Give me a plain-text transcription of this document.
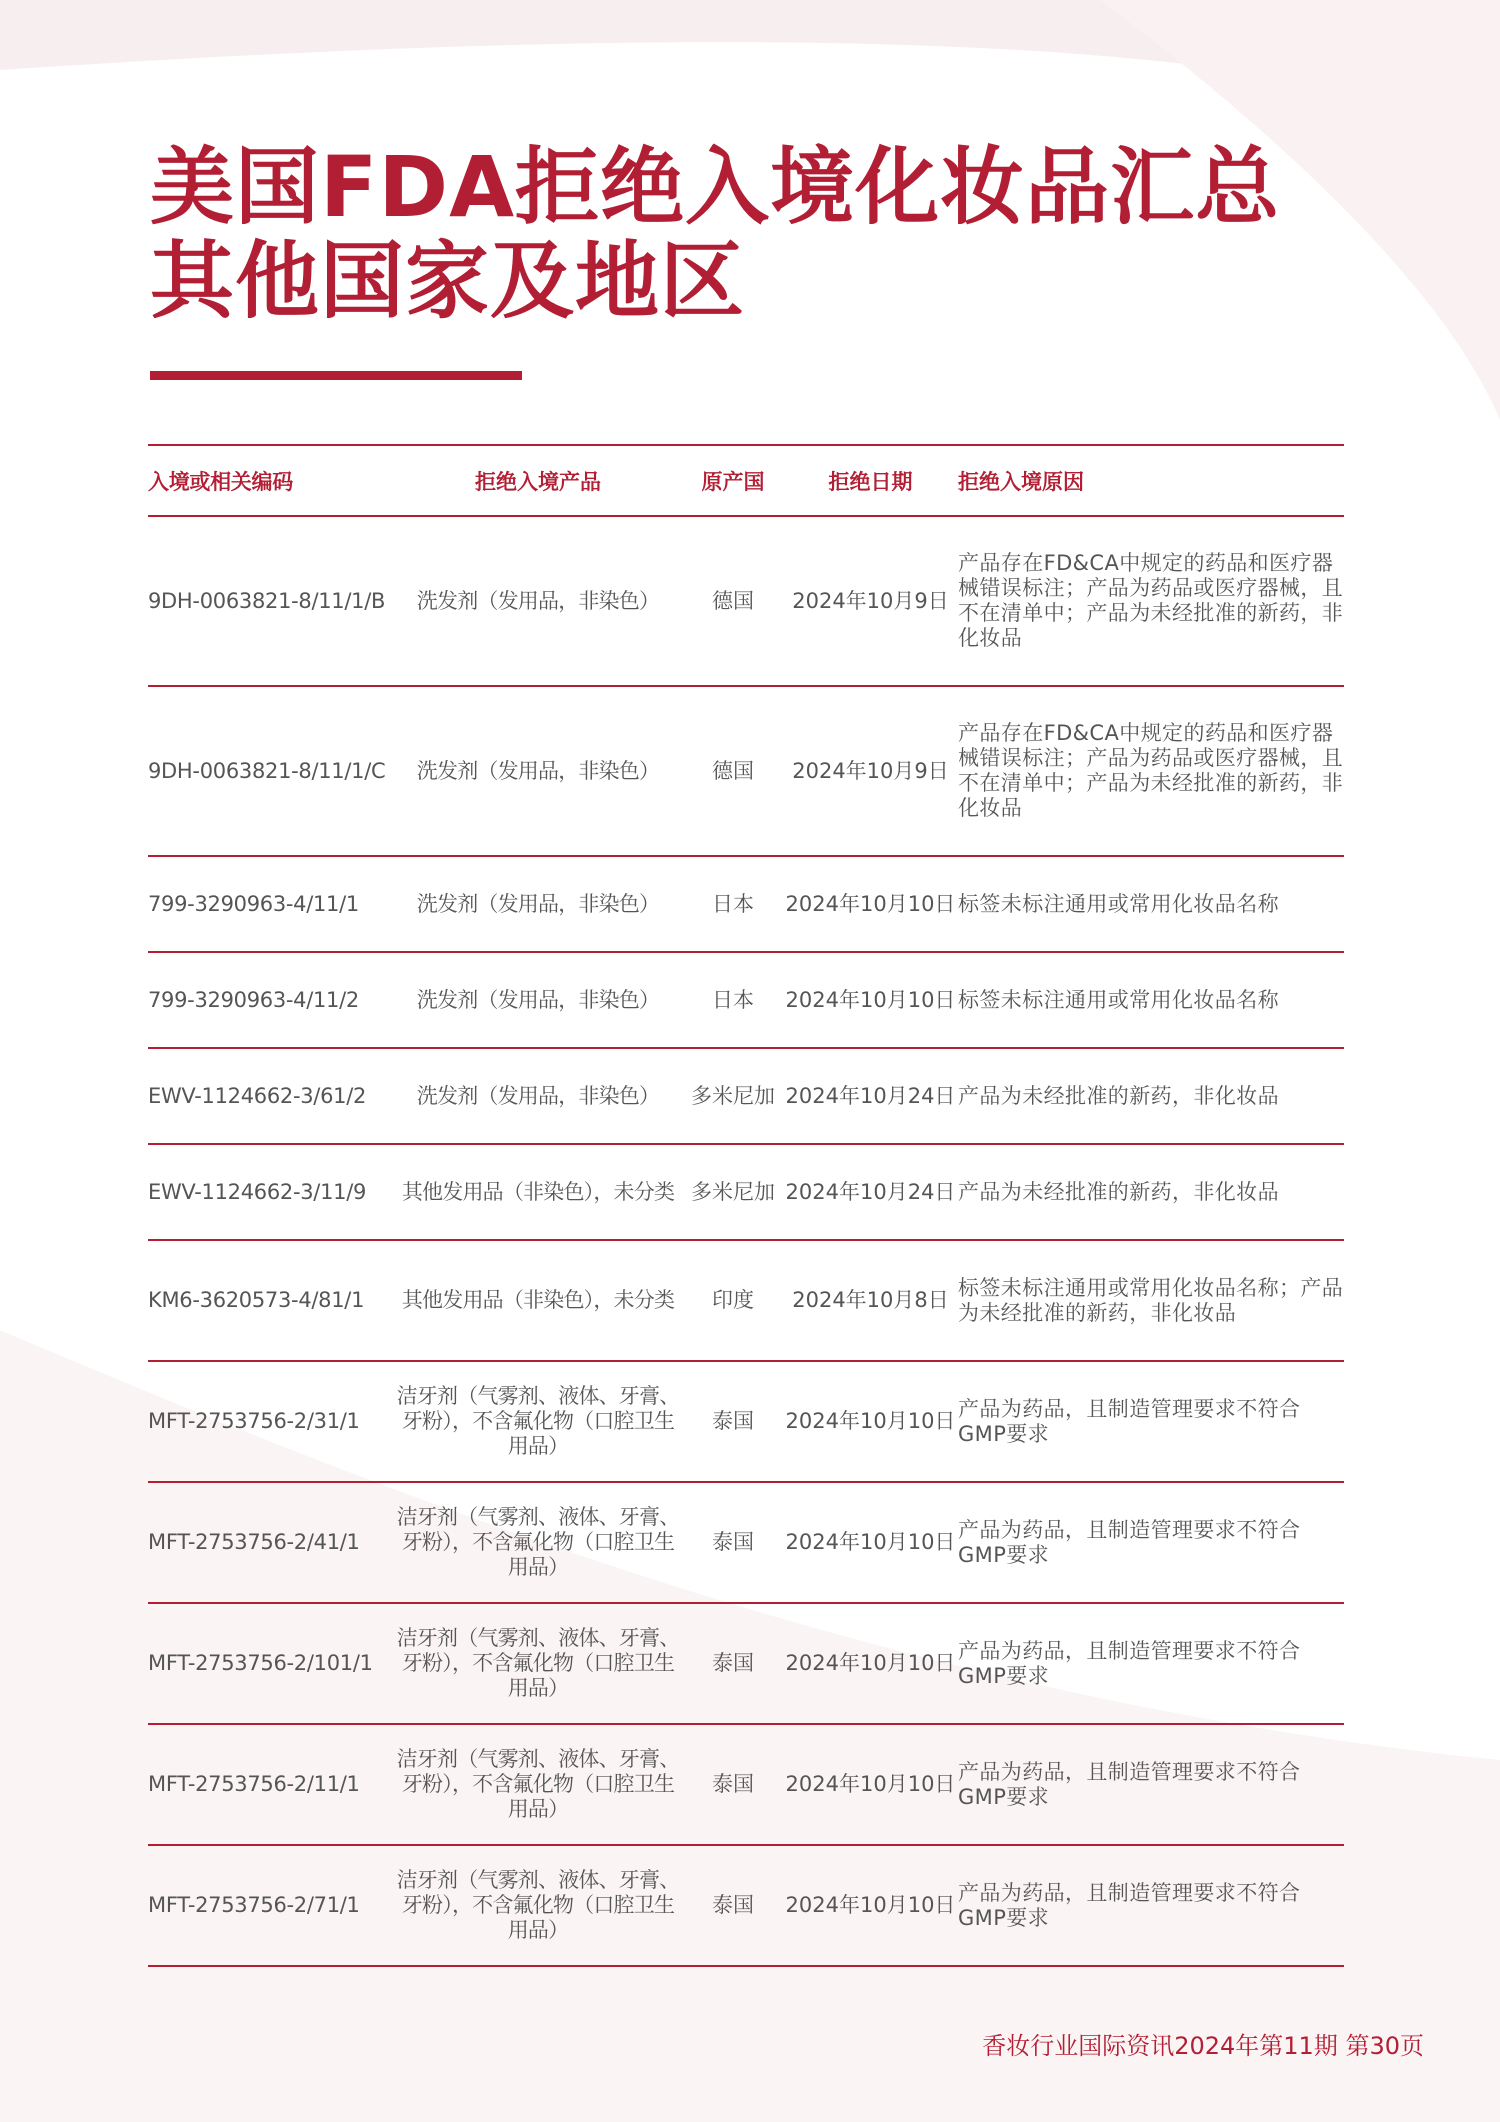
美国FDA拒绝入境化妆品汇总
其他国家及地区
入境或相关编码	拒绝入境产品	原产国	拒绝日期	拒绝入境原因
9DH-0063821-8/11/1/B	洗发剂（发用品，非染色）	德国	2024年10月9日	产品存在FD&CA中规定的药品和医疗器械错误标注；产品为药品或医疗器械，且不在清单中；产品为未经批准的新药，非化妆品
9DH-0063821-8/11/1/C	洗发剂（发用品，非染色）	德国	2024年10月9日	产品存在FD&CA中规定的药品和医疗器械错误标注；产品为药品或医疗器械，且不在清单中；产品为未经批准的新药，非化妆品
799-3290963-4/11/1	洗发剂（发用品，非染色）	日本	2024年10月10日	标签未标注通用或常用化妆品名称
799-3290963-4/11/2	洗发剂（发用品，非染色）	日本	2024年10月10日	标签未标注通用或常用化妆品名称
EWV-1124662-3/61/2	洗发剂（发用品，非染色）	多米尼加	2024年10月24日	产品为未经批准的新药，非化妆品
EWV-1124662-3/11/9	其他发用品（非染色），未分类	多米尼加	2024年10月24日	产品为未经批准的新药，非化妆品
KM6-3620573-4/81/1	其他发用品（非染色），未分类	印度	2024年10月8日	标签未标注通用或常用化妆品名称；产品为未经批准的新药，非化妆品
MFT-2753756-2/31/1	洁牙剂（气雾剂、液体、牙膏、牙粉），不含氟化物（口腔卫生用品）	泰国	2024年10月10日	产品为药品，且制造管理要求不符合GMP要求
MFT-2753756-2/41/1	洁牙剂（气雾剂、液体、牙膏、牙粉），不含氟化物（口腔卫生用品）	泰国	2024年10月10日	产品为药品，且制造管理要求不符合GMP要求
MFT-2753756-2/101/1	洁牙剂（气雾剂、液体、牙膏、牙粉），不含氟化物（口腔卫生用品）	泰国	2024年10月10日	产品为药品，且制造管理要求不符合GMP要求
MFT-2753756-2/11/1	洁牙剂（气雾剂、液体、牙膏、牙粉），不含氟化物（口腔卫生用品）	泰国	2024年10月10日	产品为药品，且制造管理要求不符合GMP要求
MFT-2753756-2/71/1	洁牙剂（气雾剂、液体、牙膏、牙粉），不含氟化物（口腔卫生用品）	泰国	2024年10月10日	产品为药品，且制造管理要求不符合GMP要求
香妆行业国际资讯2024年第11期 第30页
